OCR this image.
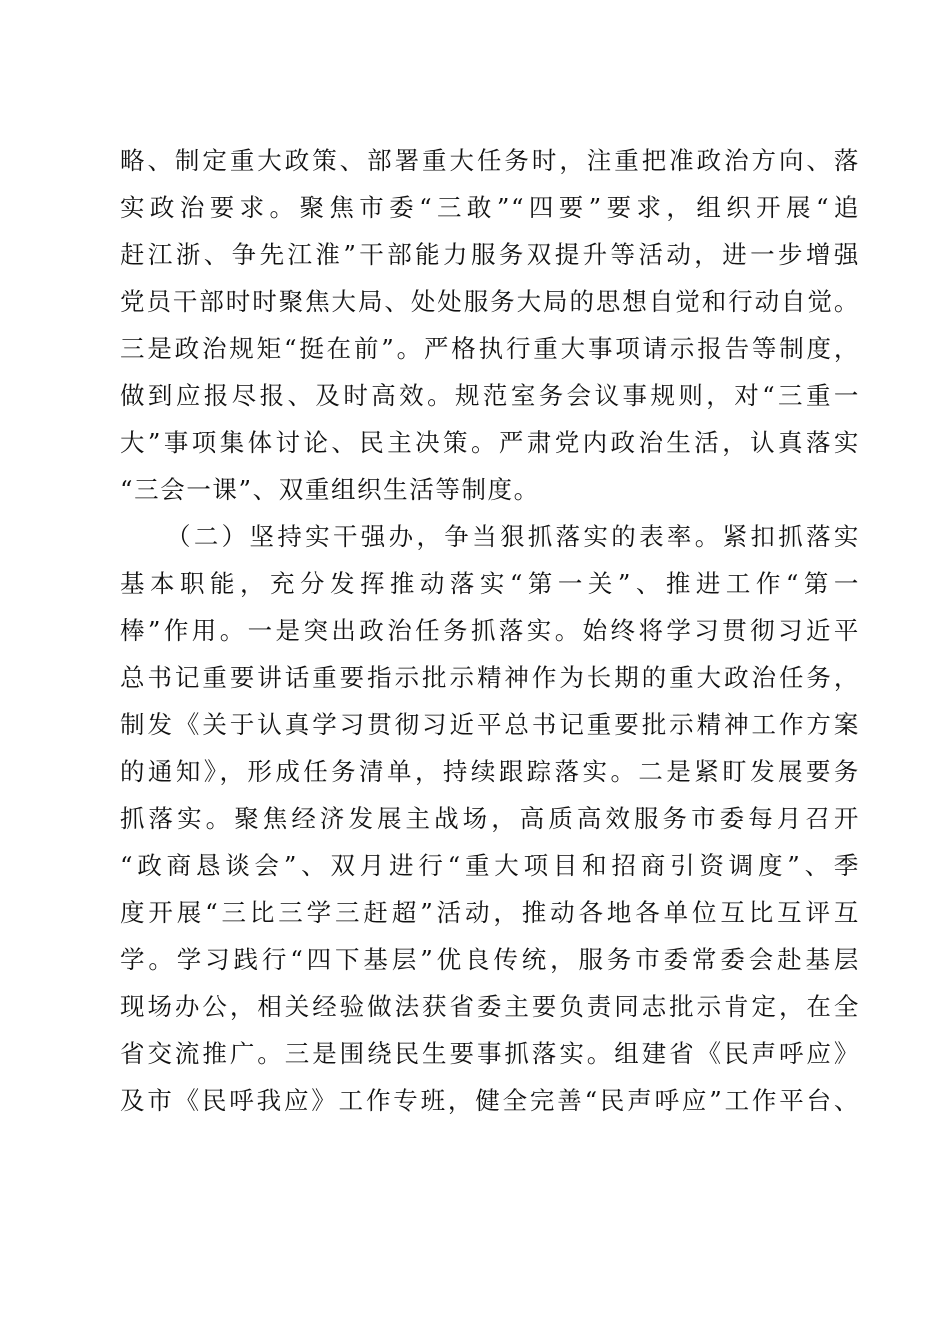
略、制定重大政策、部署重大任务时，注重把准政治方向、落
实政治要求。聚焦市委“三敢”“四要”要求，组织开展“追
赶江浙、争先江淮”干部能力服务双提升等活动，进一步增强
党员干部时时聚焦大局、处处服务大局的思想自觉和行动自觉。
三是政治规矩“挺在前”。严格执行重大事项请示报告等制度，
做到应报尽报、及时高效。规范室务会议事规则，对“三重一
大”事项集体讨论、民主决策。严肃党内政治生活，认真落实
“三会一课”、双重组织生活等制度。
（二）坚持实干强办，争当狠抓落实的表率。紧扣抓落实
基本职能，充分发挥推动落实“第一关”、推进工作“第一
棒”作用。一是突出政治任务抓落实。始终将学习贯彻习近平
总书记重要讲话重要指示批示精神作为长期的重大政治任务，
制发《关于认真学习贯彻习近平总书记重要批示精神工作方案
的通知》，形成任务清单，持续跟踪落实。二是紧盯发展要务
抓落实。聚焦经济发展主战场，高质高效服务市委每月召开
“政商恳谈会”、双月进行“重大项目和招商引资调度”、季
度开展“三比三学三赶超”活动，推动各地各单位互比互评互
学。学习践行“四下基层”优良传统，服务市委常委会赴基层
现场办公，相关经验做法获省委主要负责同志批示肯定，在全
省交流推广。三是围绕民生要事抓落实。组建省《民声呼应》
及市《民呼我应》工作专班，健全完善“民声呼应”工作平台、
